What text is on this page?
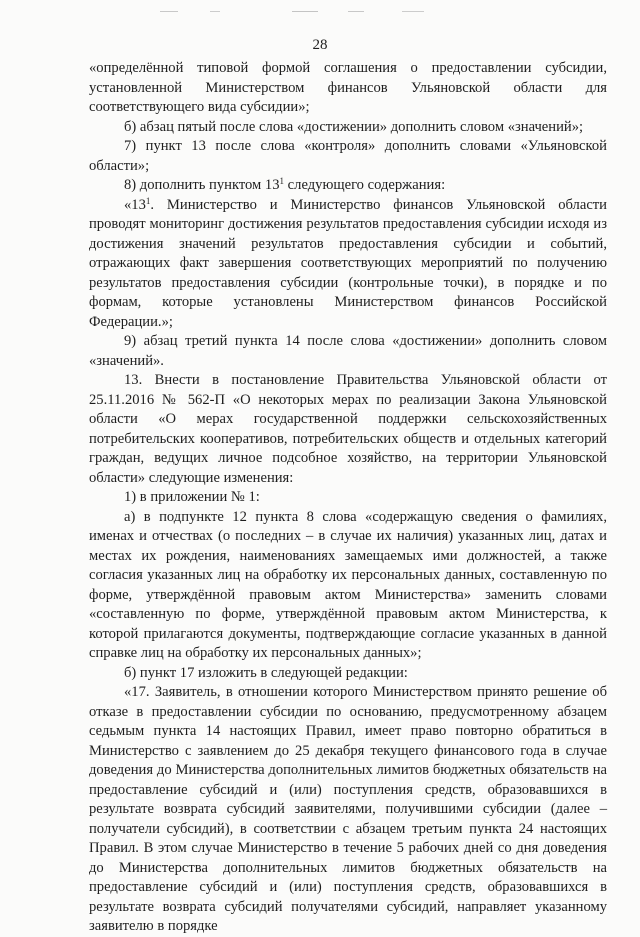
28

«определённой типовой формой соглашения о предоставлении субсидии, установленной Министерством финансов Ульяновской области для соответствующего вида субсидии»;

б) абзац пятый после слова «достижении» дополнить словом «значений»;

7) пункт 13 после слова «контроля» дополнить словами «Ульяновской области»;

8) дополнить пунктом $13^1$ следующего содержания:

«$13^1$. Министерство и Министерство финансов Ульяновской области проводят мониторинг достижения результатов предоставления субсидии исходя из достижения значений результатов предоставления субсидии и событий, отражающих факт завершения соответствующих мероприятий по получению результатов предоставления субсидии (контрольные точки), в порядке и по формам, которые установлены Министерством финансов Российской Федерации.»;

9) абзац третий пункта 14 после слова «достижении» дополнить словом «значений».

13. Внести в постановление Правительства Ульяновской области от 25.11.2016 № 562-П «О некоторых мерах по реализации Закона Ульяновской области «О мерах государственной поддержки сельскохозяйственных потребительских кооперативов, потребительских обществ и отдельных категорий граждан, ведущих личное подсобное хозяйство, на территории Ульяновской области» следующие изменения:

1) в приложении № 1:

а) в подпункте 12 пункта 8 слова «содержащую сведения о фамилиях, именах и отчествах (о последних – в случае их наличия) указанных лиц, датах и местах их рождения, наименованиях замещаемых ими должностей, а также согласия указанных лиц на обработку их персональных данных, составленную по форме, утверждённой правовым актом Министерства» заменить словами «составленную по форме, утверждённой правовым актом Министерства, к которой прилагаются документы, подтверждающие согласие указанных в данной справке лиц на обработку их персональных данных»;

б) пункт 17 изложить в следующей редакции:

«17. Заявитель, в отношении которого Министерством принято решение об отказе в предоставлении субсидии по основанию, предусмотренному абзацем седьмым пункта 14 настоящих Правил, имеет право повторно обратиться в Министерство с заявлением до 25 декабря текущего финансового года в случае доведения до Министерства дополнительных лимитов бюджетных обязательств на предоставление субсидий и (или) поступления средств, образовавшихся в результате возврата субсидий заявителями, получившими субсидии (далее – получатели субсидий), в соответствии с абзацем третьим пункта 24 настоящих Правил. В этом случае Министерство в течение 5 рабочих дней со дня доведения до Министерства дополнительных лимитов бюджетных обязательств на предоставление субсидий и (или) поступления средств, образовавшихся в результате возврата субсидий получателями субсидий, направляет указанному заявителю в порядке
